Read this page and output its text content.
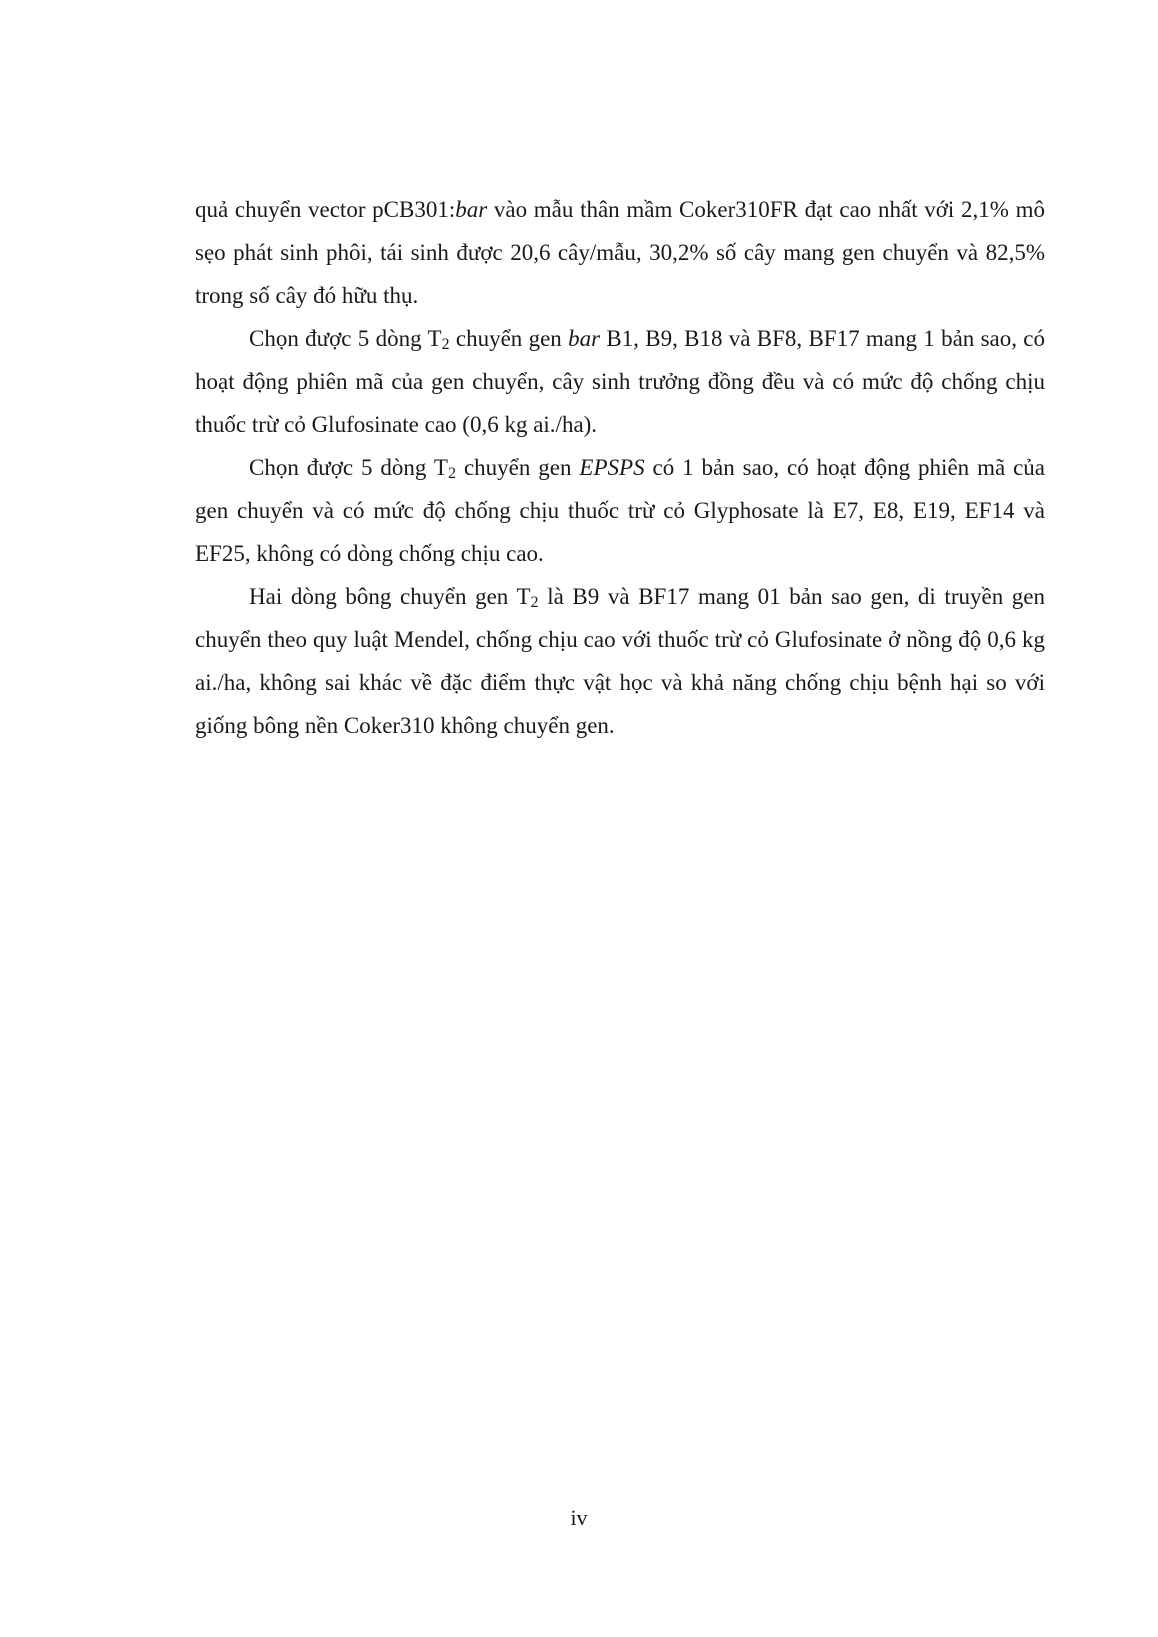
quả chuyển vector pCB301:bar vào mẫu thân mầm Coker310FR đạt cao nhất với 2,1% mô sẹo phát sinh phôi, tái sinh được 20,6 cây/mẫu, 30,2% số cây mang gen chuyển và 82,5% trong số cây đó hữu thụ.

Chọn được 5 dòng $T_2$ chuyển gen bar B1, B9, B18 và BF8, BF17 mang 1 bản sao, có hoạt động phiên mã của gen chuyển, cây sinh trưởng đồng đều và có mức độ chống chịu thuốc trừ cỏ Glufosinate cao (0,6 kg ai./ha).

Chọn được 5 dòng $T_2$ chuyển gen EPSPS có 1 bản sao, có hoạt động phiên mã của gen chuyển và có mức độ chống chịu thuốc trừ cỏ Glyphosate là E7, E8, E19, EF14 và EF25, không có dòng chống chịu cao.

Hai dòng bông chuyển gen $T_2$ là B9 và BF17 mang 01 bản sao gen, di truyền gen chuyển theo quy luật Mendel, chống chịu cao với thuốc trừ cỏ Glufosinate ở nồng độ 0,6 kg ai./ha, không sai khác về đặc điểm thực vật học và khả năng chống chịu bệnh hại so với giống bông nền Coker310 không chuyển gen.

iv
